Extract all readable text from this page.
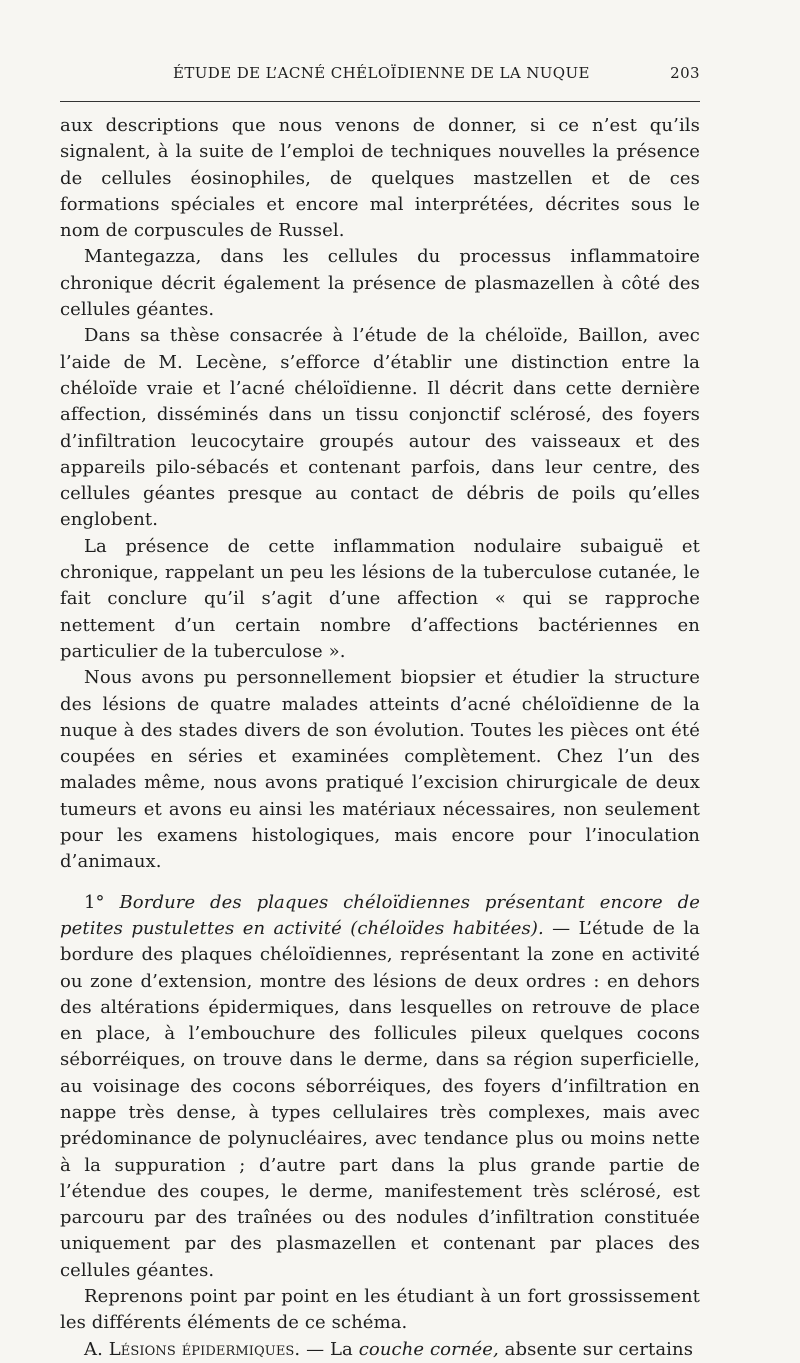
ÉTUDE DE L’ACNÉ CHÉLOÏDIENNE DE LA NUQUE	203

aux descriptions que nous venons de donner, si ce n’est qu’ils signalent, à la suite de l’emploi de techniques nouvelles la présence de cellules éosinophiles, de quelques mastzellen et de ces formations spéciales et encore mal interprétées, décrites sous le nom de corpuscules de Russel.

Mantegazza, dans les cellules du processus inflammatoire chronique décrit également la présence de plasmazellen à côté des cellules géantes.

Dans sa thèse consacrée à l’étude de la chéloïde, Baillon, avec l’aide de M. Lecène, s’efforce d’établir une distinction entre la chéloïde vraie et l’acné chéloïdienne. Il décrit dans cette dernière affection, disséminés dans un tissu conjonctif sclérosé, des foyers d’infiltration leucocytaire groupés autour des vaisseaux et des appareils pilo-sébacés et contenant parfois, dans leur centre, des cellules géantes presque au contact de débris de poils qu’elles englobent.

La présence de cette inflammation nodulaire subaiguë et chronique, rappelant un peu les lésions de la tuberculose cutanée, le fait conclure qu’il s’agit d’une affection « qui se rapproche nettement d’un certain nombre d’affections bactériennes en particulier de la tuberculose ».

Nous avons pu personnellement biopsier et étudier la structure des lésions de quatre malades atteints d’acné chéloïdienne de la nuque à des stades divers de son évolution. Toutes les pièces ont été coupées en séries et examinées complètement. Chez l’un des malades même, nous avons pratiqué l’excision chirurgicale de deux tumeurs et avons eu ainsi les matériaux nécessaires, non seulement pour les examens histologiques, mais encore pour l’inoculation d’animaux.

1° Bordure des plaques chéloïdiennes présentant encore de petites pustulettes en activité (chéloïdes habitées). — L’étude de la bordure des plaques chéloïdiennes, représentant la zone en activité ou zone d’extension, montre des lésions de deux ordres : en dehors des altérations épidermiques, dans lesquelles on retrouve de place en place, à l’embouchure des follicules pileux quelques cocons séborréiques, on trouve dans le derme, dans sa région superficielle, au voisinage des cocons séborréiques, des foyers d’infiltration en nappe très dense, à types cellulaires très complexes, mais avec prédominance de polynucléaires, avec tendance plus ou moins nette à la suppuration ; d’autre part dans la plus grande partie de l’étendue des coupes, le derme, manifestement très sclérosé, est parcouru par des traînées ou des nodules d’infiltration constituée uniquement par des plasmazellen et contenant par places des cellules géantes.

Reprenons point par point en les étudiant à un fort grossissement les différents éléments de ce schéma.

A. Lésions épidermiques. — La couche cornée, absente sur certains
